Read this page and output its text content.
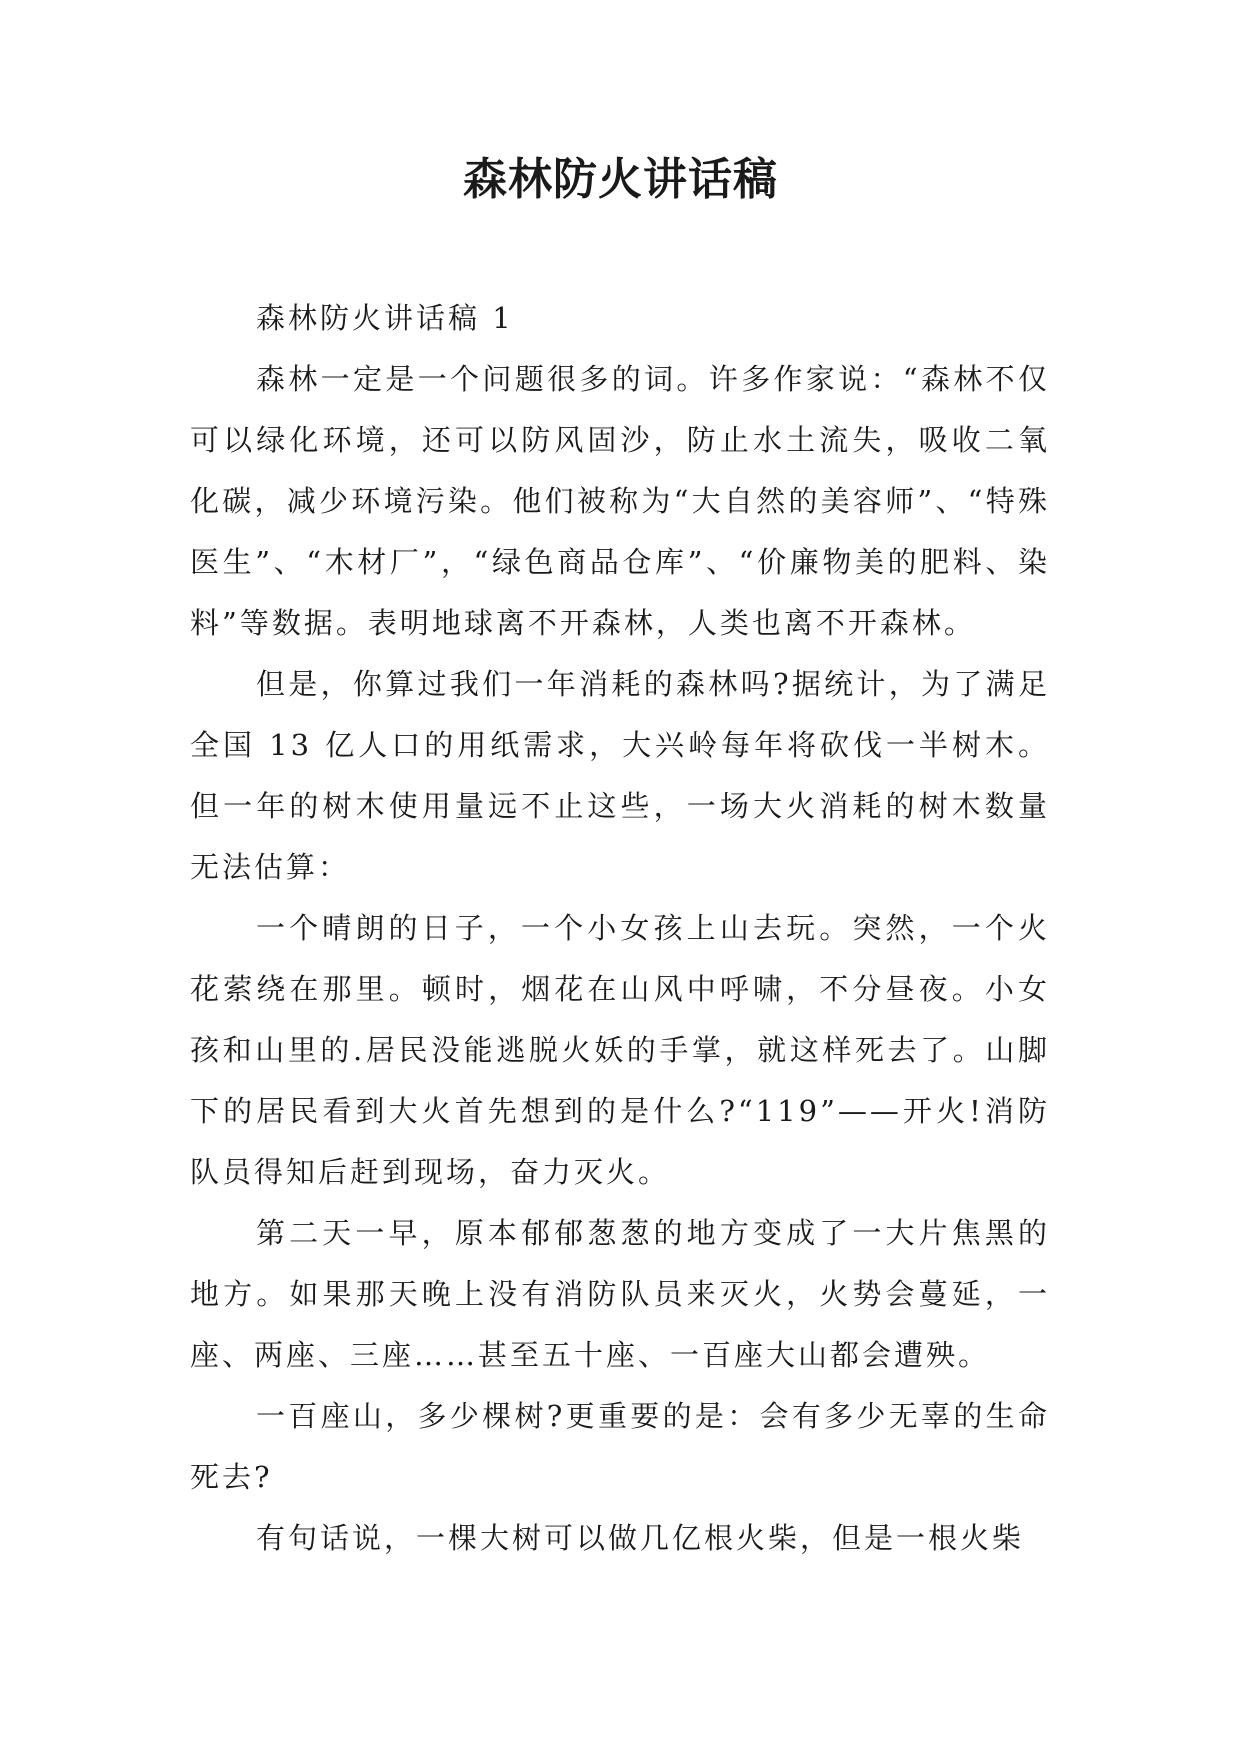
森林防火讲话稿

森林防火讲话稿 1

森林一定是一个问题很多的词。许多作家说：“森林不仅可以绿化环境，还可以防风固沙，防止水土流失，吸收二氧化碳，减少环境污染。他们被称为“大自然的美容师”、“特殊医生”、“木材厂”，“绿色商品仓库”、“价廉物美的肥料、染料”等数据。表明地球离不开森林，人类也离不开森林。

但是，你算过我们一年消耗的森林吗?据统计，为了满足全国 13 亿人口的用纸需求，大兴岭每年将砍伐一半树木。但一年的树木使用量远不止这些，一场大火消耗的树木数量无法估算：

一个晴朗的日子，一个小女孩上山去玩。突然，一个火花萦绕在那里。顿时，烟花在山风中呼啸，不分昼夜。小女孩和山里的.居民没能逃脱火妖的手掌，就这样死去了。山脚下的居民看到大火首先想到的是什么?“119”——开火!消防队员得知后赶到现场，奋力灭火。

第二天一早，原本郁郁葱葱的地方变成了一大片焦黑的地方。如果那天晚上没有消防队员来灭火，火势会蔓延，一座、两座、三座……甚至五十座、一百座大山都会遭殃。

一百座山，多少棵树?更重要的是：会有多少无辜的生命死去?

有句话说，一棵大树可以做几亿根火柴，但是一根火柴
